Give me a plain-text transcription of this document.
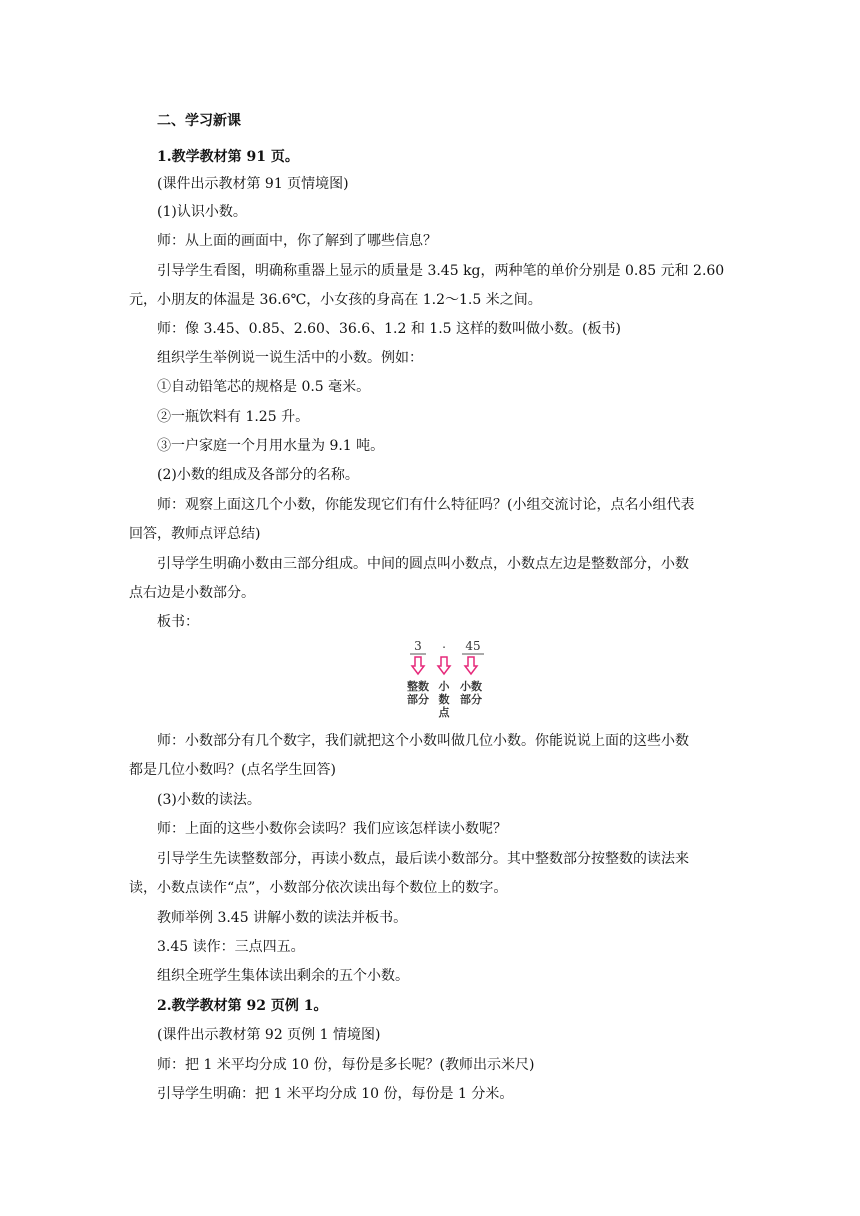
二、学习新课
1.教学教材第 91 页。
(课件出示教材第 91 页情境图)
(1)认识小数。
师：从上面的画面中，你了解到了哪些信息？
引导学生看图，明确称重器上显示的质量是 3.45 kg，两种笔的单价分别是 0.85 元和 2.60
元，小朋友的体温是 36.6℃，小女孩的身高在 1.2～1.5 米之间。
师：像 3.45、0.85、2.60、36.6、1.2 和 1.5 这样的数叫做小数。(板书)
组织学生举例说一说生活中的小数。例如：
①自动铅笔芯的规格是 0.5 毫米。
②一瓶饮料有 1.25 升。
③一户家庭一个月用水量为 9.1 吨。
(2)小数的组成及各部分的名称。
师：观察上面这几个小数，你能发现它们有什么特征吗？(小组交流讨论，点名小组代表
回答，教师点评总结)
引导学生明确小数由三部分组成。中间的圆点叫小数点，小数点左边是整数部分，小数
点右边是小数部分。
板书：
3	.	45
整数
部分
小
数
点
小数
部分
师：小数部分有几个数字，我们就把这个小数叫做几位小数。你能说说上面的这些小数
都是几位小数吗？(点名学生回答)
(3)小数的读法。
师：上面的这些小数你会读吗？我们应该怎样读小数呢？
引导学生先读整数部分，再读小数点，最后读小数部分。其中整数部分按整数的读法来
读，小数点读作“点”，小数部分依次读出每个数位上的数字。
教师举例 3.45 讲解小数的读法并板书。
3.45 读作：三点四五。
组织全班学生集体读出剩余的五个小数。
2.教学教材第 92 页例 1。
(课件出示教材第 92 页例 1 情境图)
师：把 1 米平均分成 10 份，每份是多长呢？(教师出示米尺)
引导学生明确：把 1 米平均分成 10 份，每份是 1 分米。
